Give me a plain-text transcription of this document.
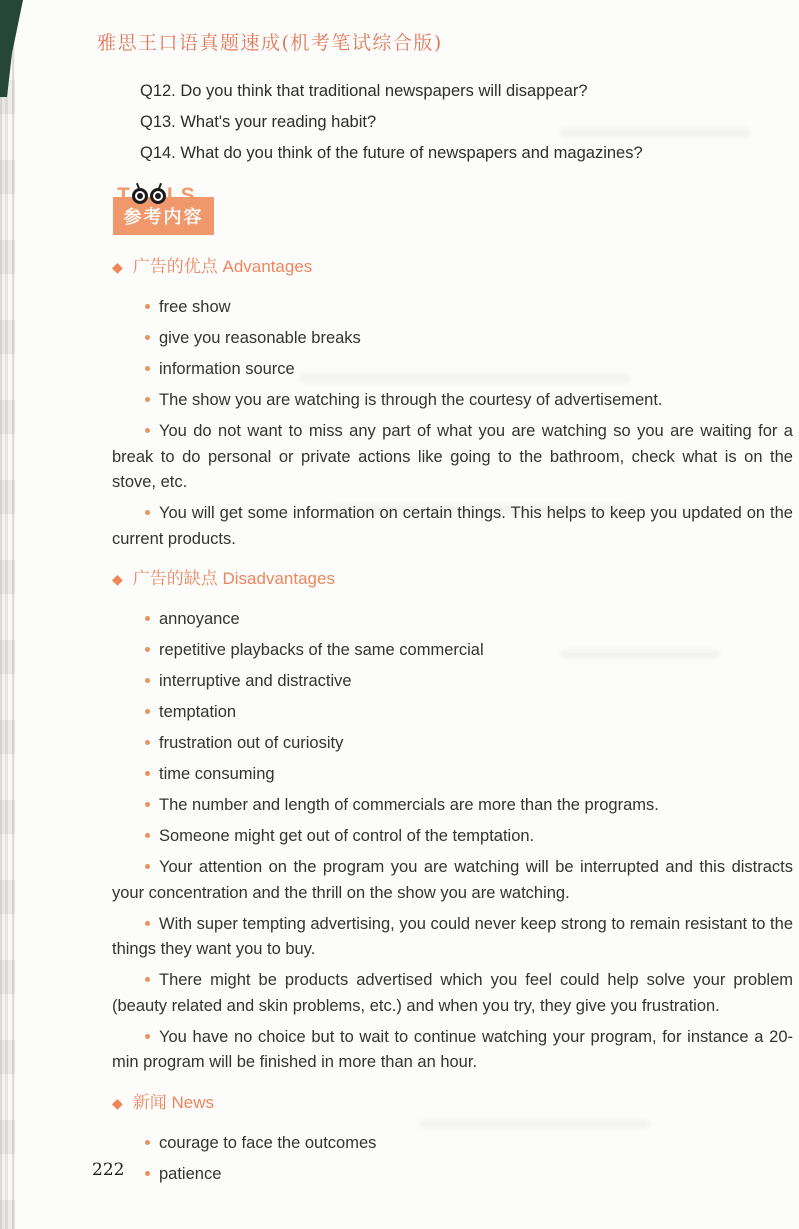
雅思王口语真题速成(机考笔试综合版)

Q12. Do you think that traditional newspapers will disappear?

Q13. What's your reading habit?

Q14. What do you think of the future of newspapers and magazines?

T LS
参考内容
◆ 广告的优点 Advantages

free show

give you reasonable breaks

information source

The show you are watching is through the courtesy of advertisement.

You do not want to miss any part of what you are watching so you are waiting for a break to do personal or private actions like going to the bathroom, check what is on the stove, etc.

You will get some information on certain things. This helps to keep you updated on the current products.

◆ 广告的缺点 Disadvantages

annoyance

repetitive playbacks of the same commercial

interruptive and distractive

temptation

frustration out of curiosity

time consuming

The number and length of commercials are more than the programs.

Someone might get out of control of the temptation.

Your attention on the program you are watching will be interrupted and this distracts your concentration and the thrill on the show you are watching.

With super tempting advertising, you could never keep strong to remain resistant to the things they want you to buy.

There might be products advertised which you feel could help solve your problem (beauty related and skin problems, etc.) and when you try, they give you frustration.

You have no choice but to wait to continue watching your program, for instance a 20-min program will be finished in more than an hour.

◆ 新闻 News

courage to face the outcomes

patience

222
